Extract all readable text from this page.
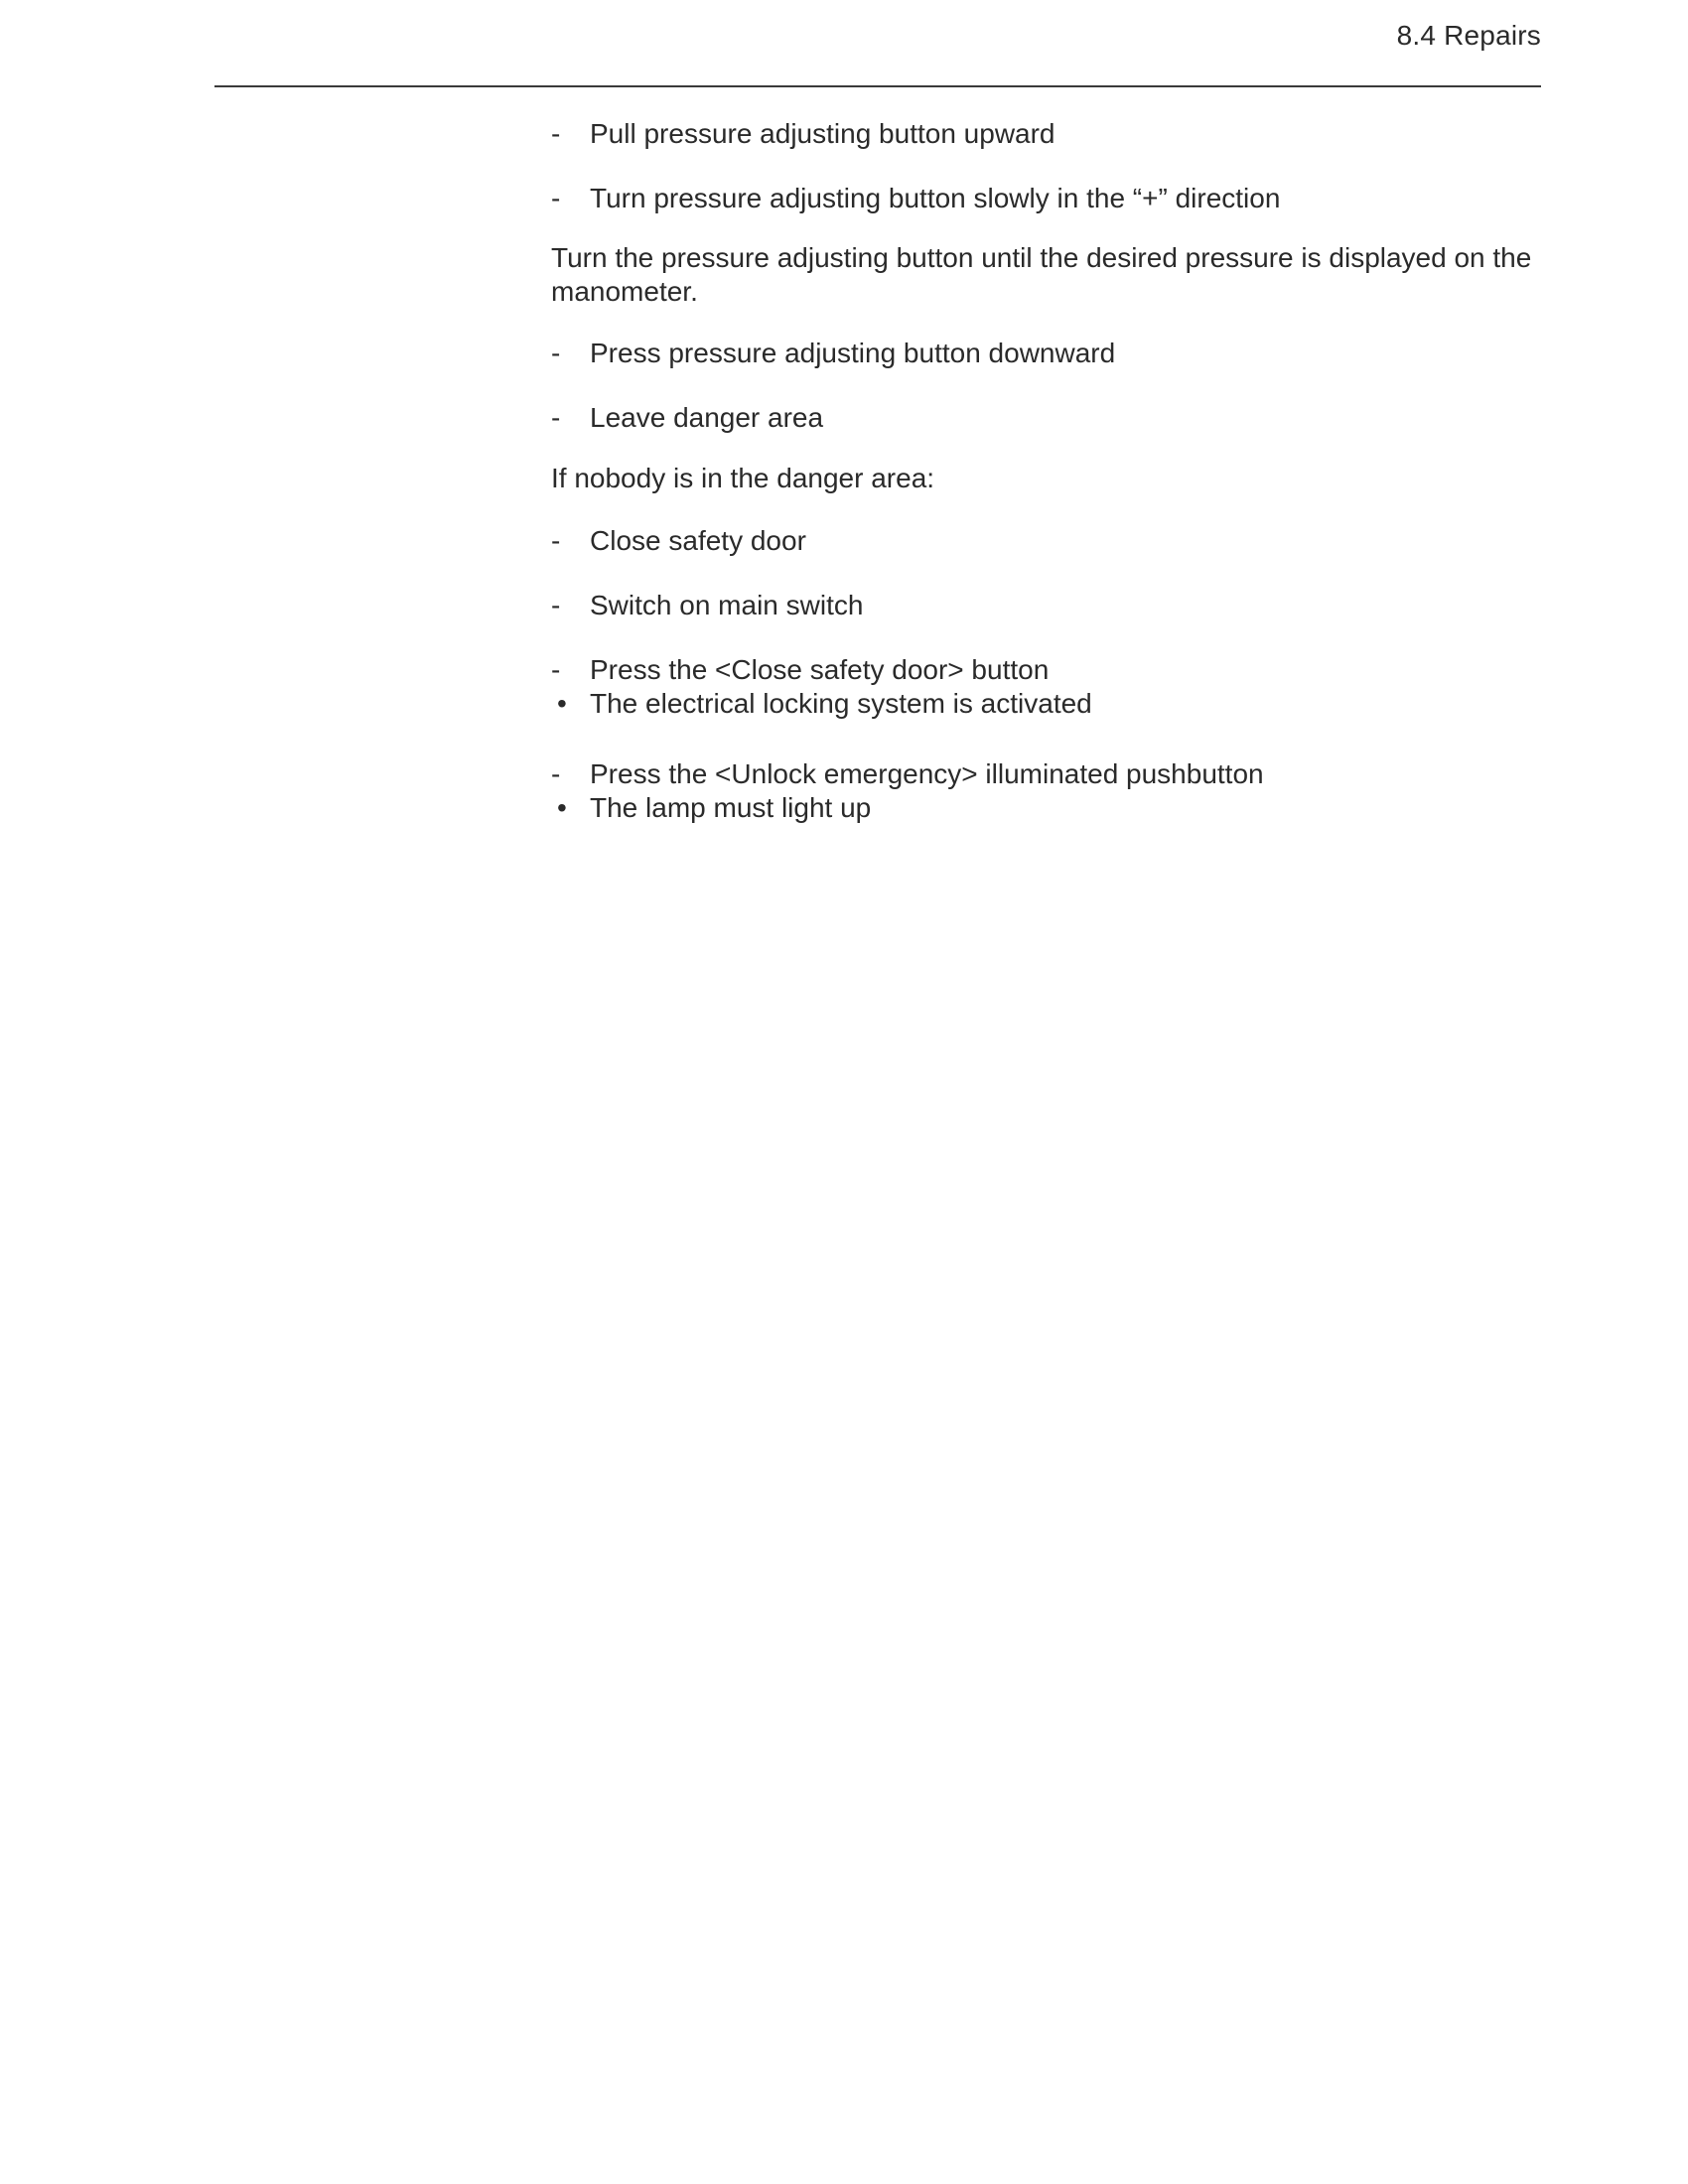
8.4 Repairs
- Pull pressure adjusting button upward
- Turn pressure adjusting button slowly in the “+” direction

Turn the pressure adjusting button until the desired pressure is displayed on the manometer.

- Press pressure adjusting button downward
- Leave danger area

If nobody is in the danger area:

- Close safety door
- Switch on main switch
- Press the <Close safety door> button
• The electrical locking system is activated
- Press the <Unlock emergency> illuminated pushbutton
• The lamp must light up
